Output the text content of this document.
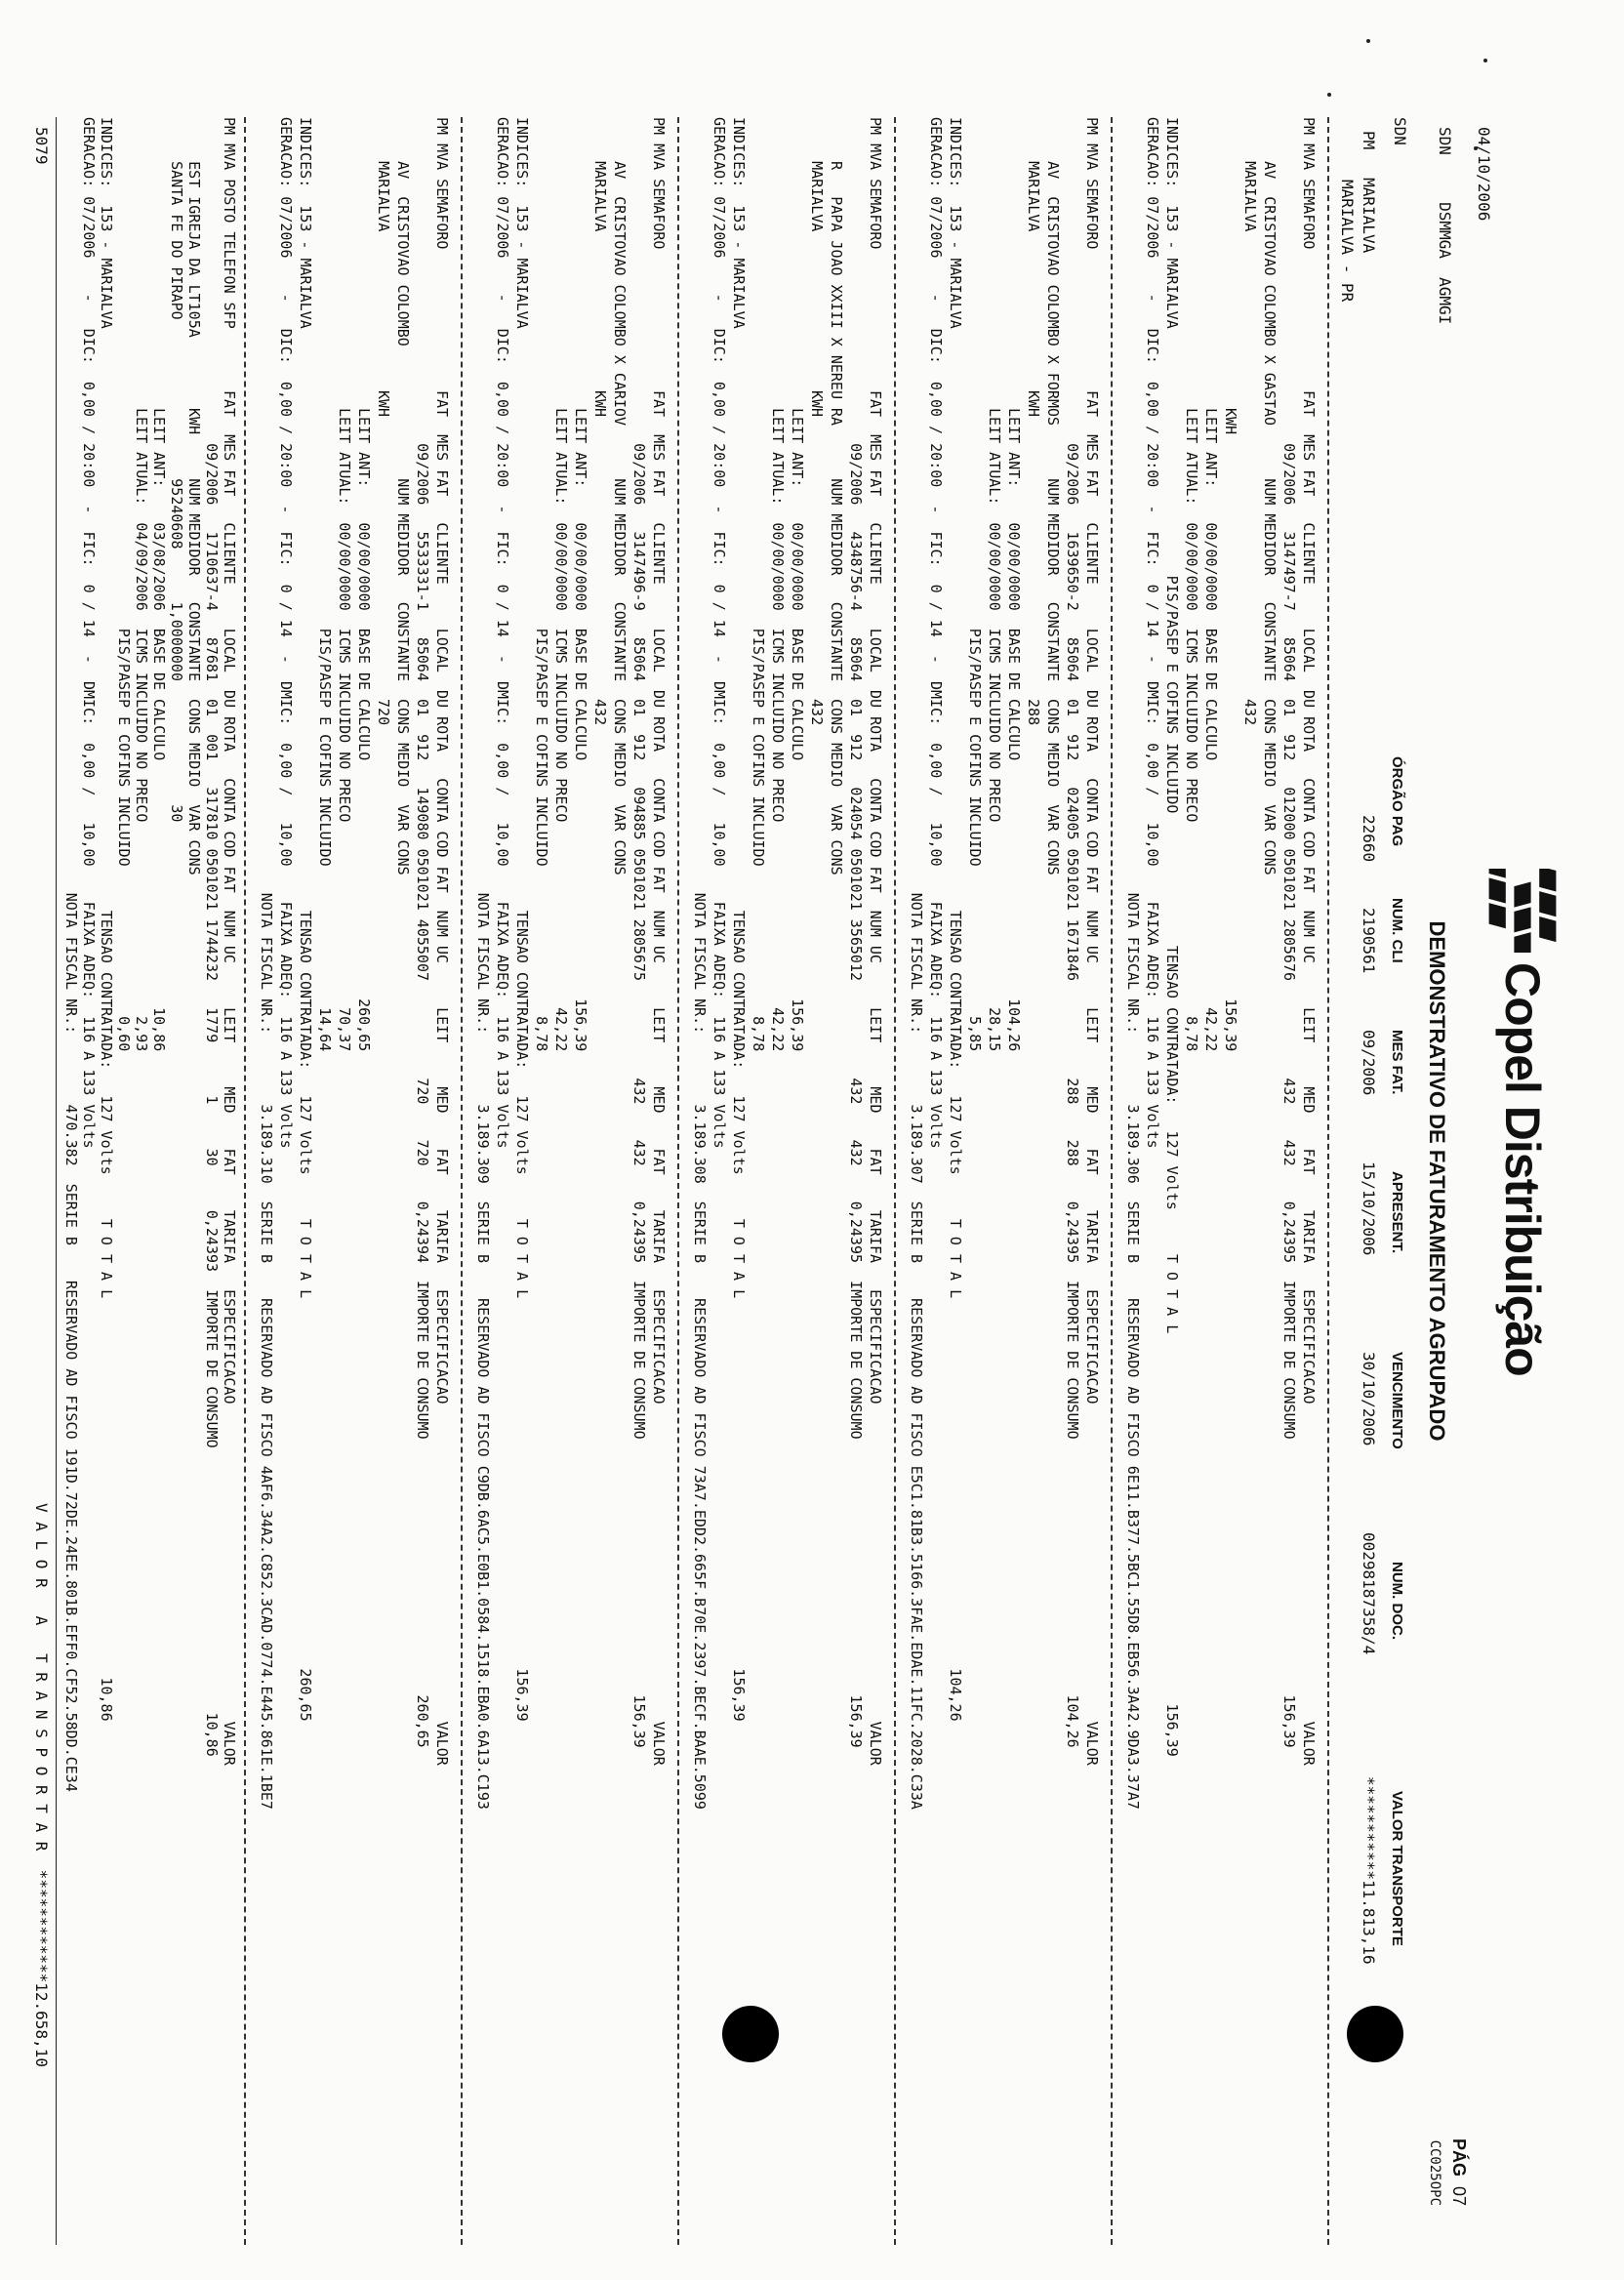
04/10/2006
SDN     DSMMGA  AGMGI
Copel Distribuição
DEMONSTRATIVO DE FATURAMENTO AGRUPADO
PÁG  07
CC025OPC
SDN
PM   MARIALVA
MARIALVA - PR
ÓRGÃO PAG
NUM. CLI
MES FAT.
APRESENT.
VENCIMENTO
NUM. DOC.
VALOR TRANSPORTE
22660
2190561
09/2006
15/10/2006
30/10/2006
00298187358/4
***********11.813,16
PM MVA SEMAFORO                FAT  MES FAT   CLIENTE     LOCAL  DU ROTA   CONTA COD FAT  NUM UC     LEIT     MED    FAT    TARIFA   ESPECIFICACAO                                    VALOR
09/2006   3147497-7   85064  01  912   012000 0501021 2805676           432    432    0,24395  IMPORTE DE CONSUMO                             156,39
AV  CRISTOVAO COLOMBO X GASTAO      NUM MEDIDOR   CONSTANTE  CONS MEDIO  VAR CONS
MARIALVA                                                     432
KWH                                                                156,39
LEIT ANT:    00/00/0000  BASE DE CALCULO                            42,22
LEIT ATUAL:  00/00/0000  ICMS INCLUIDO NO PRECO                      8,78
INDICES:  153 - MARIALVA                            PIS/PASEP E COFINS INCLUIDO               TENSAO CONTRATADA:   127 Volts     T O T A L                                          156,39
GERACAO: 07/2006    -   DIC:  0,00 / 20:00  -  FIC:  0 / 14  -  DMIC:  0,00 /   10,00    FAIXA ADEQ:  116 A 133 Volts
NOTA FISCAL NR.:        3.189.306  SERIE B    RESERVADO AD FISCO 6E11.B377.5BC1.55D8.EB56.3A42.9DA3.37A7
PM MVA SEMAFORO                FAT  MES FAT   CLIENTE     LOCAL  DU ROTA   CONTA COD FAT  NUM UC     LEIT     MED    FAT    TARIFA   ESPECIFICACAO                                    VALOR
09/2006   1639650-2   85064  01  912   024005 0501021 1671846           288    288    0,24395  IMPORTE DE CONSUMO                             104,26
AV  CRISTOVAO COLOMBO X FORMOS      NUM MEDIDOR   CONSTANTE  CONS MEDIO  VAR CONS
MARIALVA                  KWH                                288
LEIT ANT:    00/00/0000  BASE DE CALCULO                           104,26
LEIT ATUAL:  00/00/0000  ICMS INCLUIDO NO PRECO                     28,15
PIS/PASEP E COFINS INCLUIDO                 5,85
INDICES:  153 - MARIALVA                                                                  TENSAO CONTRATADA:   127 Volts     T O T A L                                          104,26
GERACAO: 07/2006    -   DIC:  0,00 / 20:00  -  FIC:  0 / 14  -  DMIC:  0,00 /   10,00    FAIXA ADEQ:  116 A 133 Volts
NOTA FISCAL NR.:        3.189.307  SERIE B    RESERVADO AD FISCO E5C1.81B3.5166.3FAE.EDAE.11FC.2028.C33A
PM MVA SEMAFORO                FAT  MES FAT   CLIENTE     LOCAL  DU ROTA   CONTA COD FAT  NUM UC     LEIT     MED    FAT    TARIFA   ESPECIFICACAO                                    VALOR
09/2006   4348756-4   85064  01  912   024054 0501021 3565012           432    432    0,24395  IMPORTE DE CONSUMO                             156,39
R   PAPA JOAO XXIII X NEREU RA      NUM MEDIDOR   CONSTANTE  CONS MEDIO  VAR CONS
MARIALVA                  KWH                                432
LEIT ANT:    00/00/0000  BASE DE CALCULO                           156,39
LEIT ATUAL:  00/00/0000  ICMS INCLUIDO NO PRECO                     42,22
PIS/PASEP E COFINS INCLUIDO                 8,78
INDICES:  153 - MARIALVA                                                                  TENSAO CONTRATADA:   127 Volts     T O T A L                                          156,39
GERACAO: 07/2006    -   DIC:  0,00 / 20:00  -  FIC:  0 / 14  -  DMIC:  0,00 /   10,00    FAIXA ADEQ:  116 A 133 Volts
NOTA FISCAL NR.:        3.189.308  SERIE B    RESERVADO AD FISCO 73A7.EDD2.665F.B70E.2397.BECF.BAAE.5099
PM MVA SEMAFORO                FAT  MES FAT   CLIENTE     LOCAL  DU ROTA   CONTA COD FAT  NUM UC     LEIT     MED    FAT    TARIFA   ESPECIFICACAO                                    VALOR
09/2006   3147496-9   85064  01  912   094885 0501021 2805675           432    432    0,24395  IMPORTE DE CONSUMO                             156,39
AV  CRISTOVAO COLOMBO X CARIOV      NUM MEDIDOR   CONSTANTE  CONS MEDIO  VAR CONS
MARIALVA                  KWH                                432
LEIT ANT:    00/00/0000  BASE DE CALCULO                           156,39
LEIT ATUAL:  00/00/0000  ICMS INCLUIDO NO PRECO                     42,22
PIS/PASEP E COFINS INCLUIDO                 8,78
INDICES:  153 - MARIALVA                                                                  TENSAO CONTRATADA:   127 Volts     T O T A L                                          156,39
GERACAO: 07/2006    -   DIC:  0,00 / 20:00  -  FIC:  0 / 14  -  DMIC:  0,00 /   10,00    FAIXA ADEQ:  116 A 133 Volts
NOTA FISCAL NR.:        3.189.309  SERIE B    RESERVADO AD FISCO C9DB.6AC5.E0B1.0584.1518.EBA0.6A13.C193
PM MVA SEMAFORO                FAT  MES FAT   CLIENTE     LOCAL  DU ROTA   CONTA COD FAT  NUM UC     LEIT     MED    FAT    TARIFA   ESPECIFICACAO                                    VALOR
09/2006   5533331-1   85064  01  912   149080 0501021 4055007           720    720    0,24394  IMPORTE DE CONSUMO                             260,65
AV  CRISTOVAO COLOMBO               NUM MEDIDOR   CONSTANTE  CONS MEDIO  VAR CONS
MARIALVA                  KWH                                720
LEIT ANT:    00/00/0000  BASE DE CALCULO                           260,65
LEIT ATUAL:  00/00/0000  ICMS INCLUIDO NO PRECO                     70,37
PIS/PASEP E COFINS INCLUIDO                14,64
INDICES:  153 - MARIALVA                                                                  TENSAO CONTRATADA:   127 Volts     T O T A L                                          260,65
GERACAO: 07/2006    -   DIC:  0,00 / 20:00  -  FIC:  0 / 14  -  DMIC:  0,00 /   10,00    FAIXA ADEQ:  116 A 133 Volts
NOTA FISCAL NR.:        3.189.310  SERIE B    RESERVADO AD FISCO 4AF6.34A2.C852.3CAD.0774.E445.861E.1BE7
PM MVA POSTO TELEFON SFP       FAT  MES FAT   CLIENTE     LOCAL  DU ROTA   CONTA COD FAT  NUM UC     LEIT     MED    FAT    TARIFA   ESPECIFICACAO                                    VALOR
09/2006   1710637-4   87681  01  001   317810 0501021 1744232   1779      1     30     0,24393  IMPORTE DE CONSUMO                              10,86
EST IGREJA DA LT105A        KWH     NUM MEDIDOR   CONSTANTE  CONS MEDIO  VAR CONS
SANTA FE DO PIRAPO                  95240608      1,0000000              30
LEIT ANT:    03/08/2006  BASE DE CALCULO                            10,86
LEIT ATUAL:  04/09/2006  ICMS INCLUIDO NO PRECO                      2,93
PIS/PASEP E COFINS INCLUIDO                 0,60
INDICES:  153 - MARIALVA                                                                  TENSAO CONTRATADA:   127 Volts     T O T A L                                           10,86
GERACAO: 07/2006    -   DIC:  0,00 / 20:00  -  FIC:  0 / 14  -  DMIC:  0,00 /   10,00    FAIXA ADEQ:  116 A 133 Volts
NOTA FISCAL NR.:        470.382  SERIE B    RESERVADO AD FISCO 191D.72DE.24EE.801B.EFF0.CF52.58DD.CE34
5079
V A L O R   A   T R A N S P O R T A R  ************12.658,10
